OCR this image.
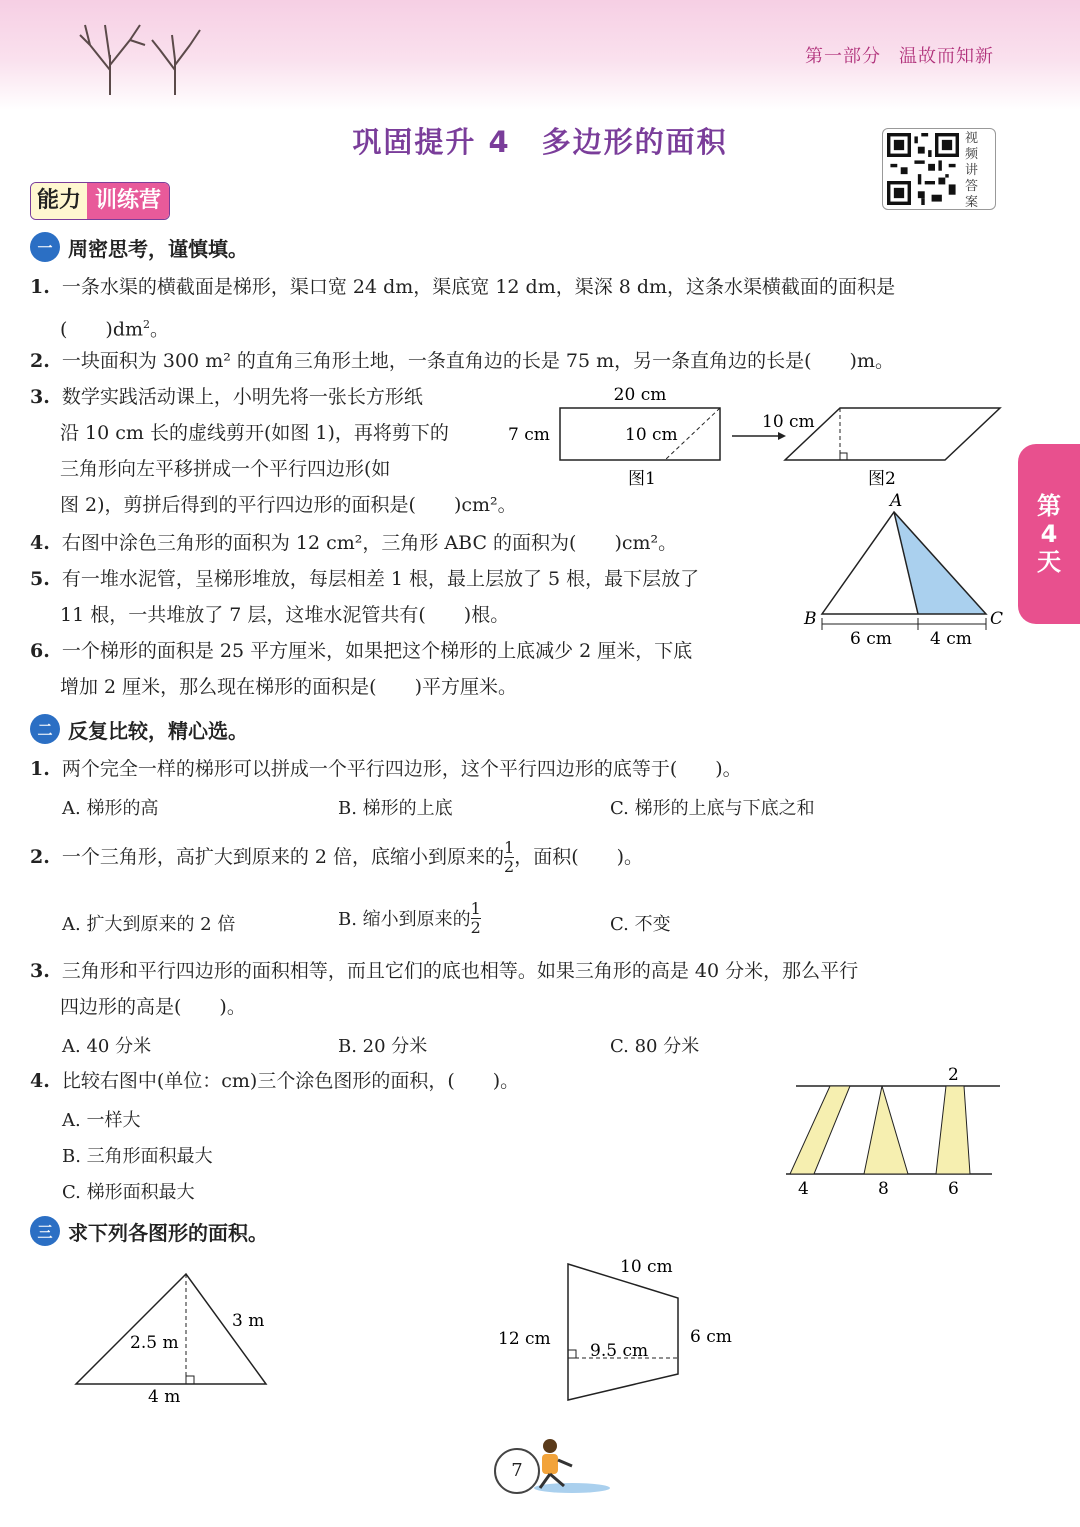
第一部分 温故而知新
巩固提升 4　多边形的面积	视
频
讲
答
案
能力 训练营
第
4
天
一 周密思考，谨慎填。
1. 一条水渠的横截面是梯形，渠口宽 24 dm，渠底宽 12 dm，渠深 8 dm，这条水渠横截面的面积是
(　　)$dm^2$。
2. 一块面积为 300 m² 的直角三角形土地，一条直角边的长是 75 m，另一条直角边的长是(　　)m。
3. 数学实践活动课上，小明先将一张长方形纸
沿 10 cm 长的虚线剪开(如图 1)，再将剪下的
三角形向左平移拼成一个平行四边形(如
图 2)，剪拼后得到的平行四边形的面积是(　　)cm²。
4. 右图中涂色三角形的面积为 12 cm²，三角形 ABC 的面积为(　　)cm²。
5. 有一堆水泥管，呈梯形堆放，每层相差 1 根，最上层放了 5 根，最下层放了
11 根，一共堆放了 7 层，这堆水泥管共有(　　)根。
6. 一个梯形的面积是 25 平方厘米，如果把这个梯形的上底减少 2 厘米，下底
增加 2 厘米，那么现在梯形的面积是(　　)平方厘米。
20 cm
7 cm	10 cm
图1
10 cm
图2
A
B	C
6 cm 4 cm
二 反复比较，精心选。
1. 两个完全一样的梯形可以拼成一个平行四边形，这个平行四边形的底等于(　　)。
A. 梯形的高	B. 梯形的上底	C. 梯形的上底与下底之和
2. 一个三角形，高扩大到原来的 2 倍，底缩小到原来的 $\frac{1}{2}$ ，面积(　　)。
A. 扩大到原来的 2 倍	B. 缩小到原来的 $\frac{1}{2}$	C. 不变
3. 三角形和平行四边形的面积相等，而且它们的底也相等。如果三角形的高是 40 分米，那么平行
四边形的高是(　　)。
A. 40 分米	B. 20 分米	C. 80 分米
4. 比较右图中(单位：cm)三个涂色图形的面积，(　　)。
A. 一样大
B. 三角形面积最大
C. 梯形面积最大
2
4	8	6
三 求下列各图形的面积。
2.5 m
3 m
4 m
10 cm
12 cm	6 cm
9.5 cm
7
